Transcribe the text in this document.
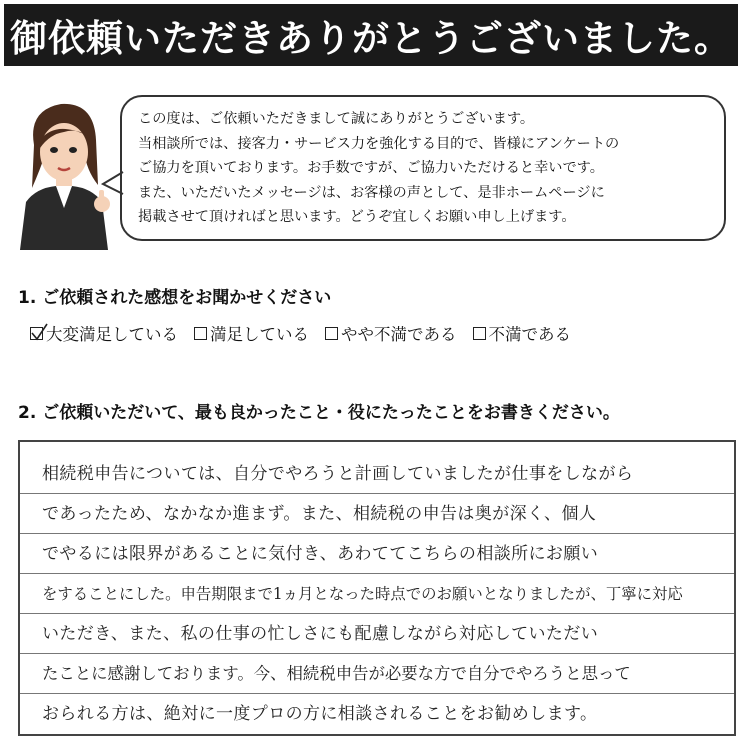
御依頼いただきありがとうございました。
この度は、ご依頼いただきまして誠にありがとうございます。
当相談所では、接客力・サービス力を強化する目的で、皆様にアンケートの
ご協力を頂いております。お手数ですが、ご協力いただけると幸いです。
また、いただいたメッセージは、お客様の声として、是非ホームページに
掲載させて頂ければと思います。どうぞ宜しくお願い申し上げます。
1. ご依頼された感想をお聞かせください
大変満足している 満足している やや不満である 不満である
2. ご依頼いただいて、最も良かったこと・役にたったことをお書きください。
相続税申告については、自分でやろうと計画していましたが仕事をしながら
であったため、なかなか進まず。また、相続税の申告は奥が深く、個人
でやるには限界があることに気付き、あわててこちらの相談所にお願い
をすることにした。申告期限まで1ヵ月となった時点でのお願いとなりましたが、丁寧に対応
いただき、また、私の仕事の忙しさにも配慮しながら対応していただい
たことに感謝しております。今、相続税申告が必要な方で自分でやろうと思って
おられる方は、絶対に一度プロの方に相談されることをお勧めします。
